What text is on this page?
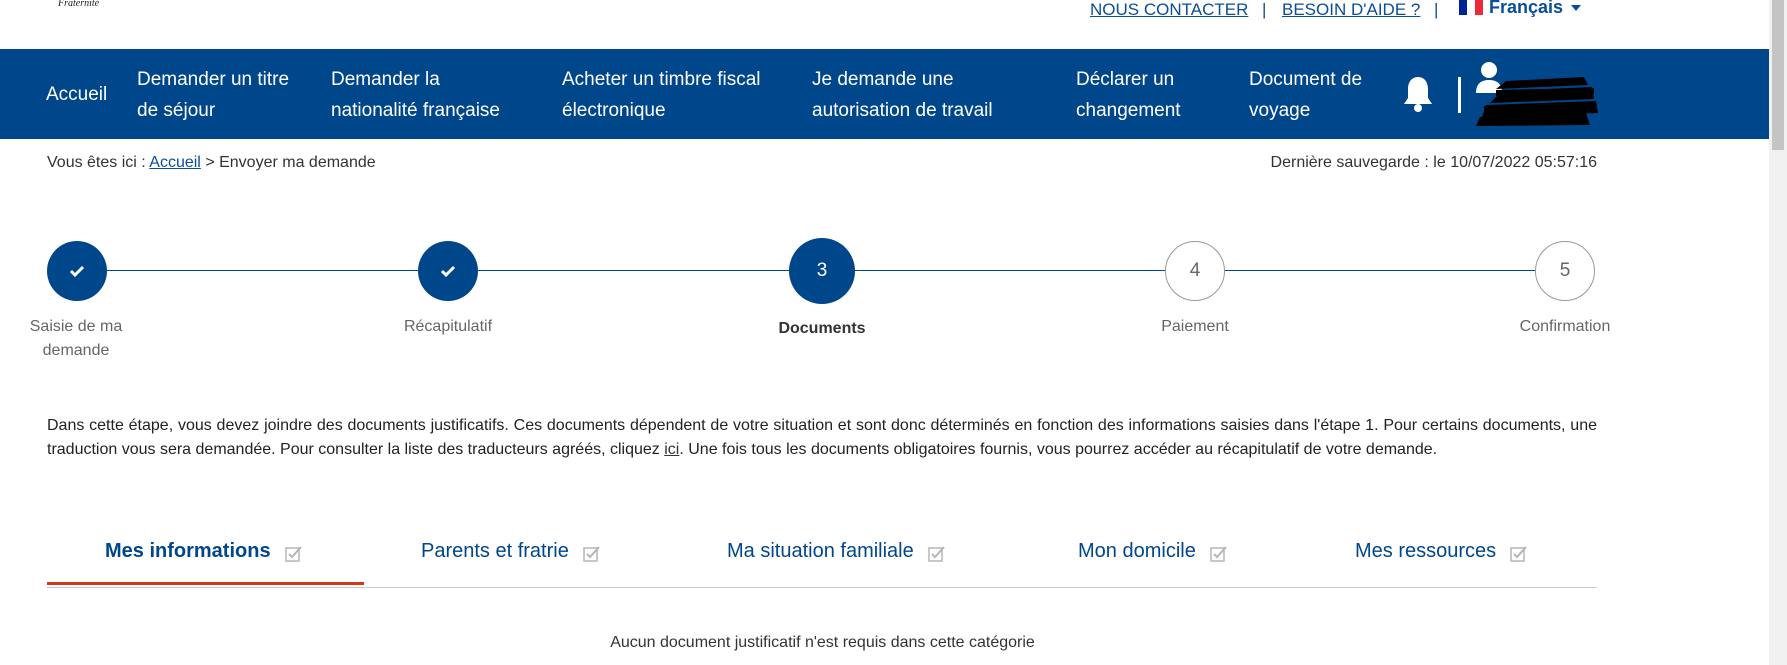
Fraternité	NOUS CONTACTER | BESOIN D'AIDE ? |	Français
Accueil
Demander un titre
de séjour
Demander la
nationalité française
Acheter un timbre fiscal
électronique
Je demande une
autorisation de travail
Déclarer un
changement
Document de
voyage
Vous êtes ici : Accueil > Envoyer ma demande	Dernière sauvegarde : le 10/07/2022 05:57:16
Saisie de ma
demande
Récapitulatif
3
Documents
4
Paiement
5
Confirmation
Dans cette étape, vous devez joindre des documents justificatifs. Ces documents dépendent de votre situation et sont donc déterminés en fonction des informations saisies dans l'étape 1. Pour certains documents, une traduction vous sera demandée. Pour consulter la liste des traducteurs agréés, cliquez ici. Une fois tous les documents obligatoires fournis, vous pourrez accéder au récapitulatif de votre demande.
Mes informations	Parents et fratrie	Ma situation familiale	Mon domicile	Mes ressources
Aucun document justificatif n'est requis dans cette catégorie
